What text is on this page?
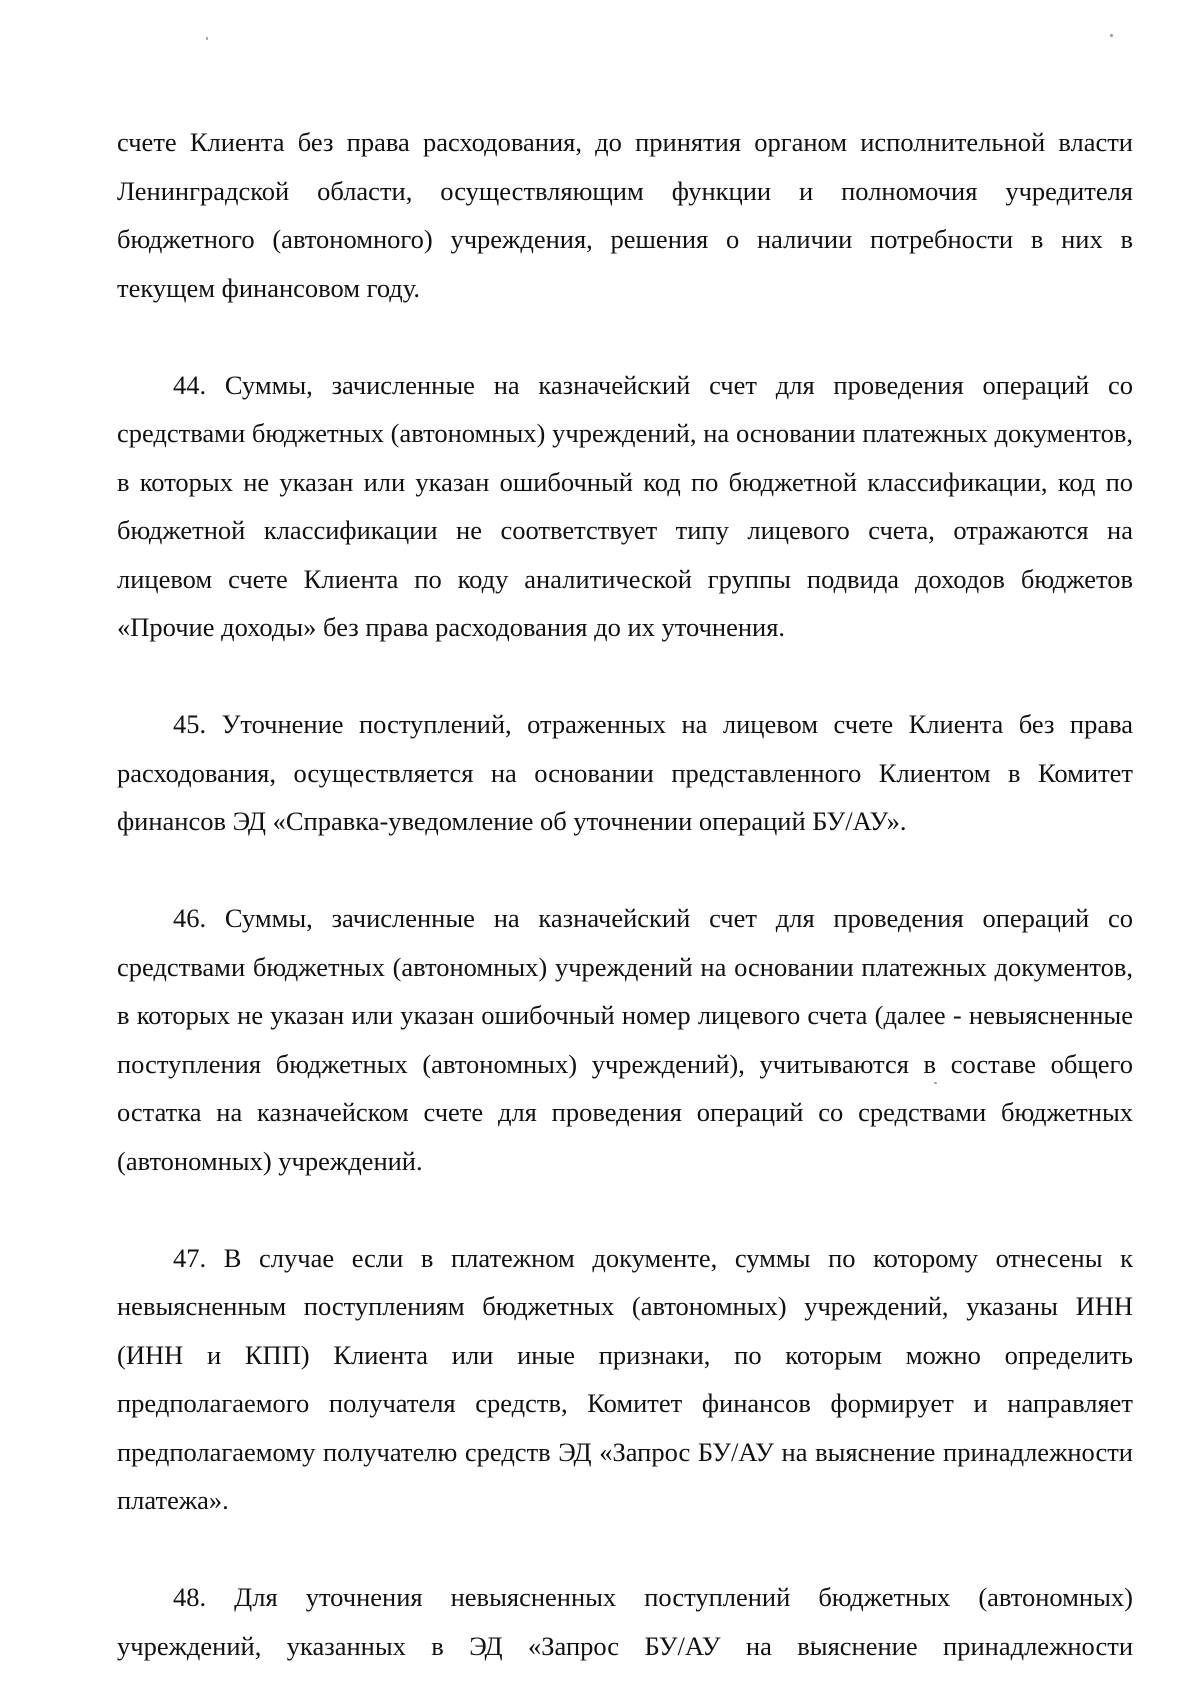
счете Клиента без права расходования, до принятия органом исполнительной власти Ленинградской области, осуществляющим функции и полномочия учредителя бюджетного (автономного) учреждения, решения о наличии потребности в них в текущем финансовом году.

44. Суммы, зачисленные на казначейский счет для проведения операций со средствами бюджетных (автономных) учреждений, на основании платежных документов, в которых не указан или указан ошибочный код по бюджетной классификации, код по бюджетной классификации не соответствует типу лицевого счета, отражаются на лицевом счете Клиента по коду аналитической группы подвида доходов бюджетов «Прочие доходы» без права расходования до их уточнения.

45. Уточнение поступлений, отраженных на лицевом счете Клиента без права расходования, осуществляется на основании представленного Клиентом в Комитет финансов ЭД «Справка-уведомление об уточнении операций БУ/АУ».

46. Суммы, зачисленные на казначейский счет для проведения операций со средствами бюджетных (автономных) учреждений на основании платежных документов, в которых не указан или указан ошибочный номер лицевого счета (далее - невыясненные поступления бюджетных (автономных) учреждений), учитываются в составе общего остатка на казначейском счете для проведения операций со средствами бюджетных (автономных) учреждений.

47. В случае если в платежном документе, суммы по которому отнесены к невыясненным поступлениям бюджетных (автономных) учреждений, указаны ИНН (ИНН и КПП) Клиента или иные признаки, по которым можно определить предполагаемого получателя средств, Комитет финансов формирует и направляет предполагаемому получателю средств ЭД «Запрос БУ/АУ на выяснение принадлежности платежа».

48. Для уточнения невыясненных поступлений бюджетных (автономных) учреждений, указанных в ЭД «Запрос БУ/АУ на выяснение принадлежности
